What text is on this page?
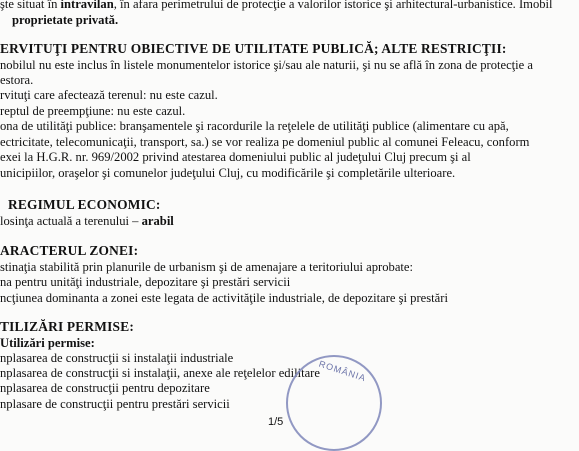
şte situat în intravilan, în afara perimetrului de protecţie a valorilor istorice şi arhitectural-urbanistice. Imobil
proprietate privată.
ERVITUŢI PENTRU OBIECTIVE DE UTILITATE PUBLICĂ; ALTE RESTRICŢII:
nobilul nu este inclus în listele monumentelor istorice şi/sau ale naturii, şi nu se află în zona de protecţie a
estora.
rvituţi care afectează terenul: nu este cazul.
reptul de preempţiune: nu este cazul.
ona de utilităţi publice: branşamentele şi racordurile la reţelele de utilităţi publice (alimentare cu apă,
ectricitate, telecomunicaţii, transport, sa.) se vor realiza pe domeniul public al comunei Feleacu, conform
exei la H.G.R. nr. 969/2002 privind atestarea domeniului public al judeţului Cluj precum şi al
unicipiilor, oraşelor şi comunelor judeţului Cluj, cu modificările şi completările ulterioare.
REGIMUL ECONOMIC:
losinţa actuală a terenului – arabil
ARACTERUL ZONEI:
stinaţia stabilită prin planurile de urbanism şi de amenajare a teritoriului aprobate:
na pentru unităţi industriale, depozitare şi prestări servicii
ncţiunea dominanta a zonei este legata de activităţile industriale, de depozitare şi prestări
TILIZĂRI PERMISE:
Utilizări permise:
nplasarea de construcţii si instalaţii industriale
nplasarea de construcţii si instalaţii, anexe ale reţelelor edilitare
nplasarea de construcţii pentru depozitare
nplasare de construcţii pentru prestări servicii
ROMÂNIA
1/5
